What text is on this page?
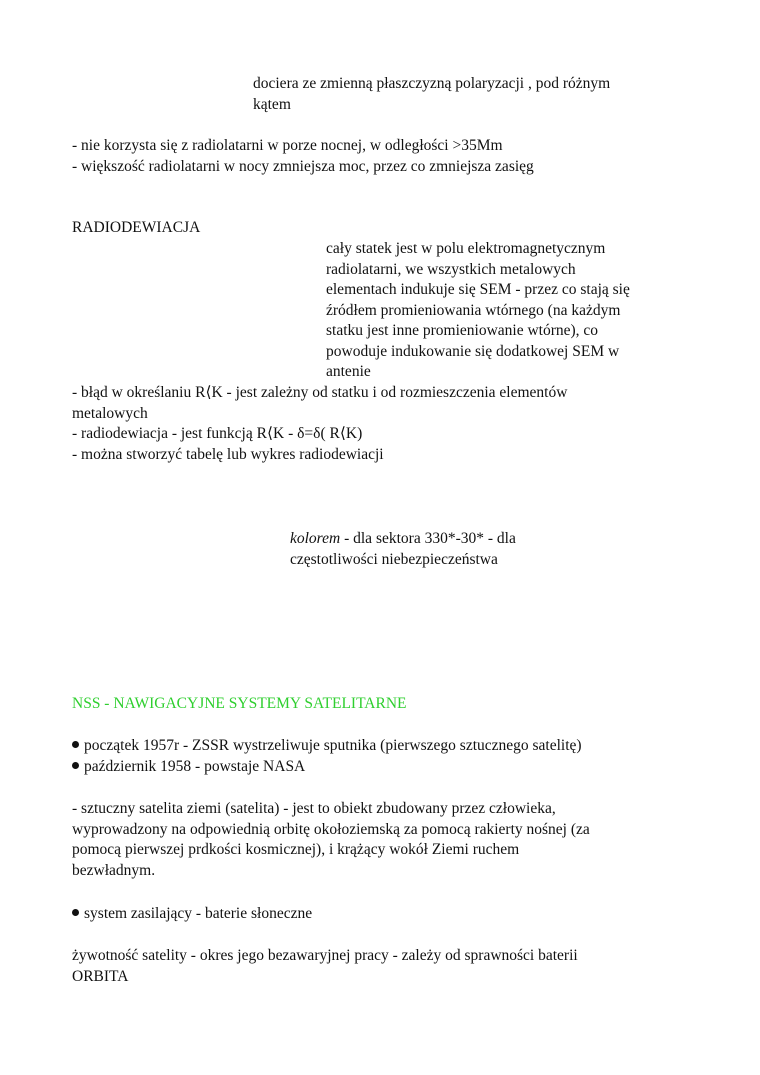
dociera ze zmienną płaszczyzną polaryzacji , pod różnym
kątem
- nie korzysta się z radiolatarni w porze nocnej, w odległości >35Mm
- większość radiolatarni w nocy zmniejsza moc, przez co zmniejsza zasięg
RADIODEWIACJA
cały statek jest w polu elektromagnetycznym
radiolatarni, we wszystkich metalowych
elementach indukuje się SEM - przez co stają się
źródłem promieniowania wtórnego (na każdym
statku jest inne promieniowanie wtórne), co
powoduje indukowanie się dodatkowej SEM w
antenie
- błąd w określaniu R⟨K - jest zależny od statku i od rozmieszczenia elementów
metalowych
- radiodewiacja - jest funkcją R⟨K - δ=δ( R⟨K)
- można stworzyć tabelę lub wykres radiodewiacji
kolorem - dla sektora 330*-30* - dla
częstotliwości niebezpieczeństwa
NSS - NAWIGACYJNE SYSTEMY SATELITARNE
początek 1957r - ZSSR wystrzeliwuje sputnika (pierwszego sztucznego satelitę)
październik 1958 - powstaje NASA
- sztuczny satelita ziemi (satelita) - jest to obiekt zbudowany przez człowieka,
wyprowadzony na odpowiednią orbitę okołoziemską za pomocą rakierty nośnej (za
pomocą pierwszej prdkości kosmicznej), i krążący wokół Ziemi ruchem
bezwładnym.
system zasilający - baterie słoneczne
żywotność satelity - okres jego bezawaryjnej pracy - zależy od sprawności baterii
ORBITA
